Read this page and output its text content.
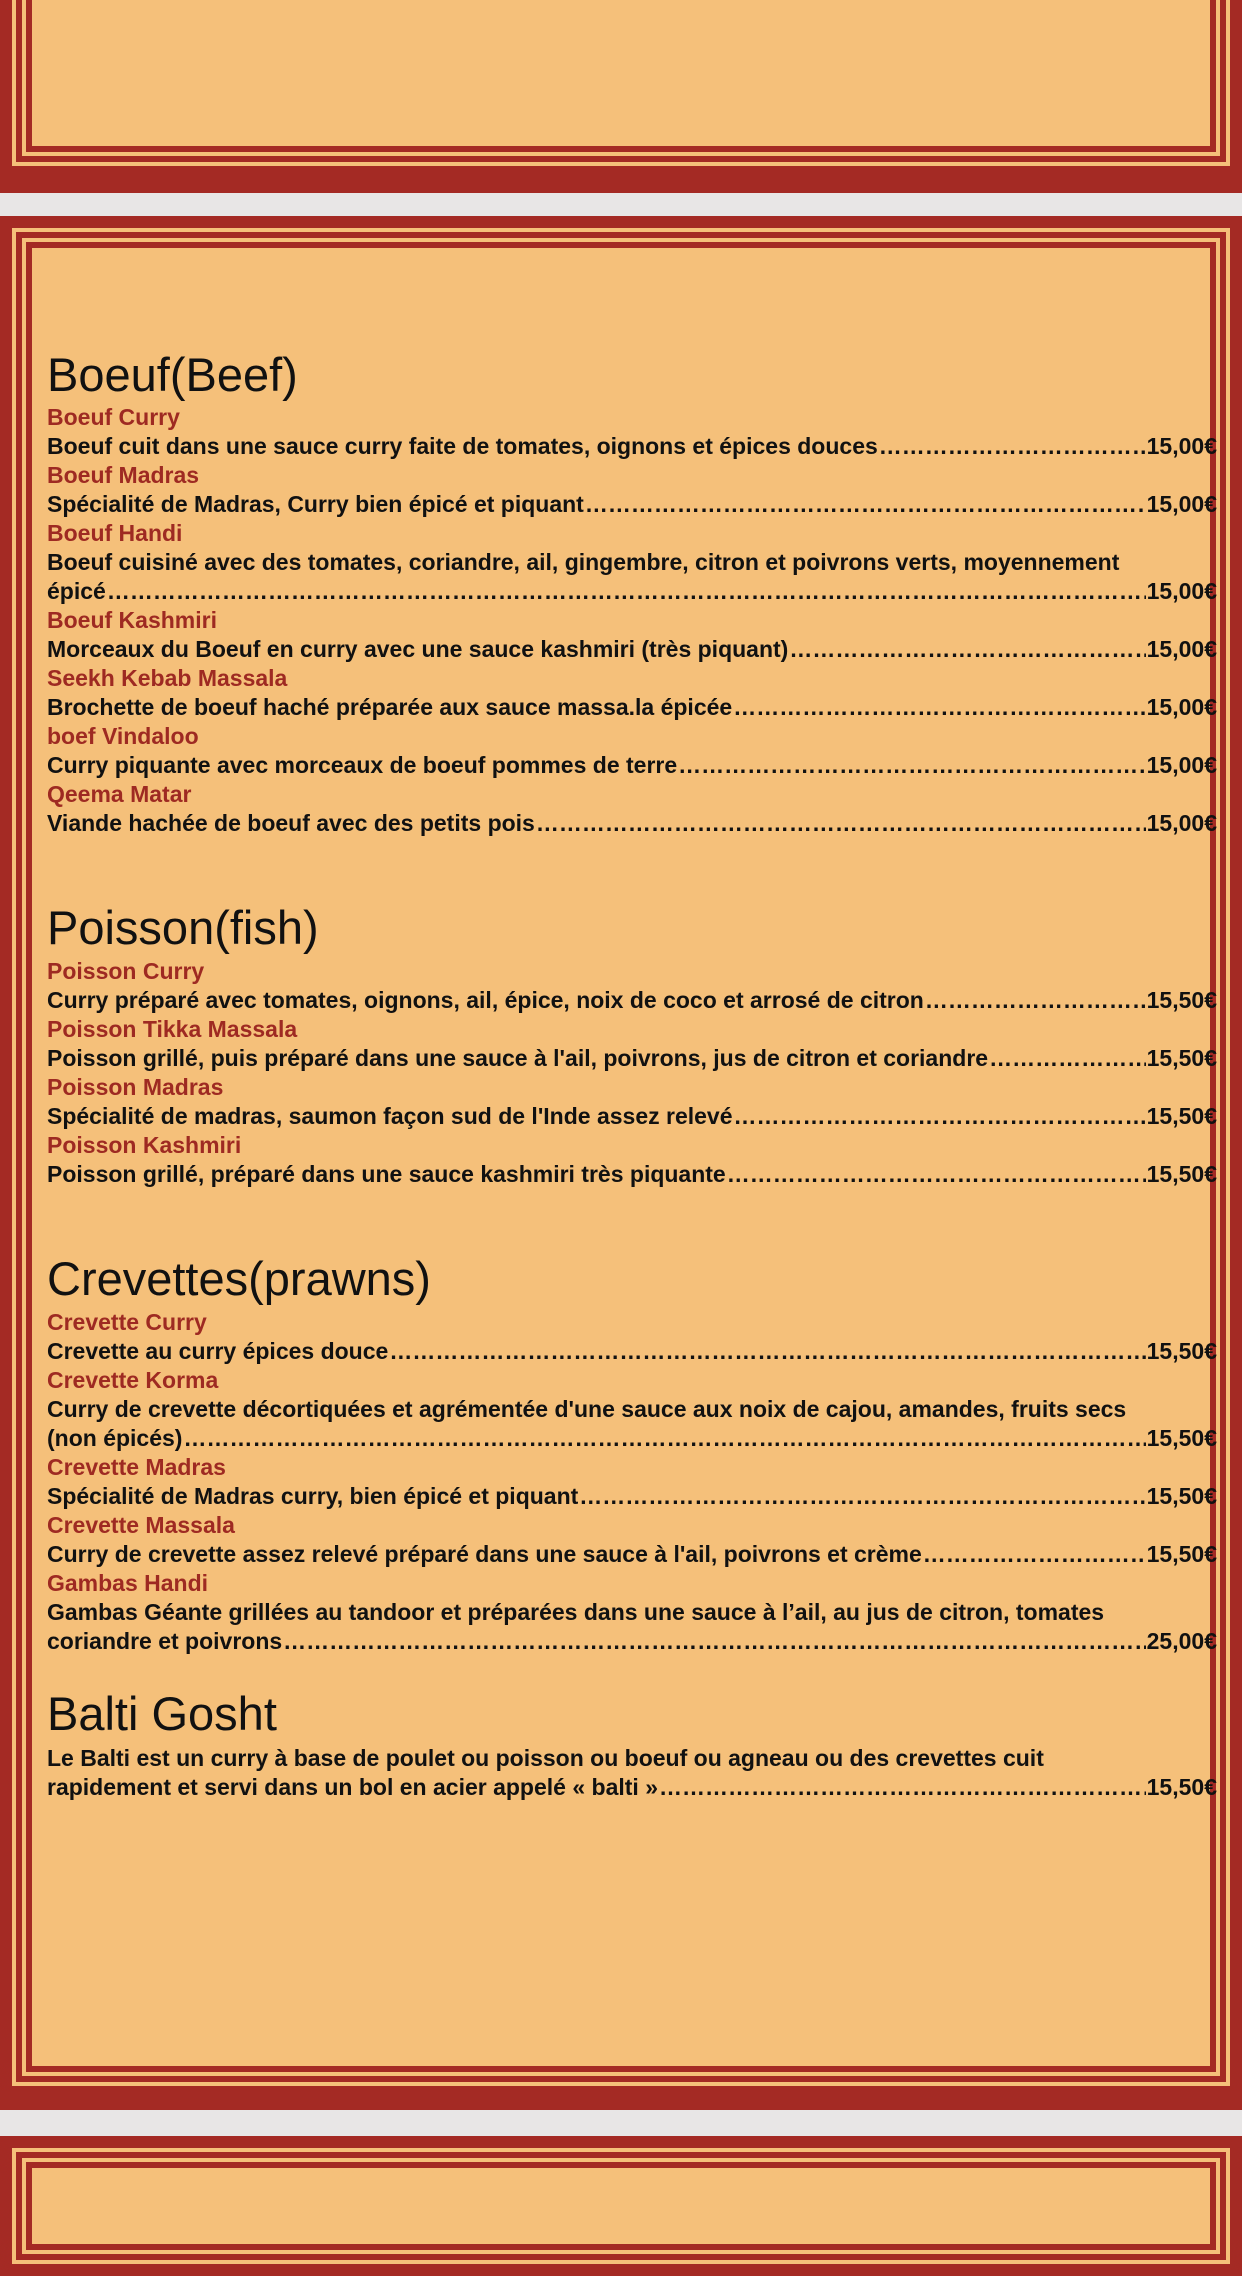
Boeuf(Beef)
Boeuf Curry
Boeuf cuit dans une sauce curry faite de tomates, oignons et épices douces ……………………………………………………………………………………………………………………………………………………………………………………………………………………	15,00€
Boeuf Madras
Spécialité de Madras, Curry bien épicé et piquant ……………………………………………………………………………………………………………………………………………………………………………………………………………………	15,00€
Boeuf Handi
Boeuf cuisiné avec des tomates, coriandre, ail, gingembre, citron et poivrons verts, moyennement
épicé ……………………………………………………………………………………………………………………………………………………………………………………………………………………	15,00€
Boeuf Kashmiri
Morceaux du Boeuf en curry avec une sauce kashmiri (très piquant) ……………………………………………………………………………………………………………………………………………………………………………………………………………………	15,00€
Seekh Kebab Massala
Brochette de boeuf haché préparée aux sauce massa.la épicée ……………………………………………………………………………………………………………………………………………………………………………………………………………………	15,00€
boef Vindaloo
Curry piquante avec morceaux de boeuf pommes de terre ……………………………………………………………………………………………………………………………………………………………………………………………………………………	15,00€
Qeema Matar
Viande hachée de boeuf avec des petits pois ……………………………………………………………………………………………………………………………………………………………………………………………………………………	15,00€
Poisson(fish)
Poisson Curry
Curry préparé avec tomates, oignons, ail, épice, noix de coco et arrosé de citron ……………………………………………………………………………………………………………………………………………………………………………………………………………………	15,50€
Poisson Tikka Massala
Poisson grillé, puis préparé dans une sauce à l'ail, poivrons, jus de citron et coriandre ……………………………………………………………………………………………………………………………………………………………………………………………………………………	15,50€
Poisson Madras
Spécialité de madras, saumon façon sud de l'Inde assez relevé ……………………………………………………………………………………………………………………………………………………………………………………………………………………	15,50€
Poisson Kashmiri
Poisson grillé, préparé dans une sauce kashmiri très piquante ……………………………………………………………………………………………………………………………………………………………………………………………………………………	15,50€
Crevettes(prawns)
Crevette Curry
Crevette au curry épices douce ……………………………………………………………………………………………………………………………………………………………………………………………………………………	15,50€
Crevette Korma
Curry de crevette décortiquées et agrémentée d'une sauce aux noix de cajou, amandes, fruits secs
(non épicés) ……………………………………………………………………………………………………………………………………………………………………………………………………………………	15,50€
Crevette Madras
Spécialité de Madras curry, bien épicé et piquant ……………………………………………………………………………………………………………………………………………………………………………………………………………………	15,50€
Crevette Massala
Curry de crevette assez relevé préparé dans une sauce à l'ail, poivrons et crème ……………………………………………………………………………………………………………………………………………………………………………………………………………………	15,50€
Gambas Handi
Gambas Géante grillées au tandoor et préparées dans une sauce à l’ail, au jus de citron, tomates
coriandre et poivrons ……………………………………………………………………………………………………………………………………………………………………………………………………………………	25,00€
Balti Gosht
Le Balti est un curry à base de poulet ou poisson ou boeuf ou agneau ou des crevettes cuit
rapidement et servi dans un bol en acier appelé « balti » ……………………………………………………………………………………………………………………………………………………………………………………………………………………	15,50€
